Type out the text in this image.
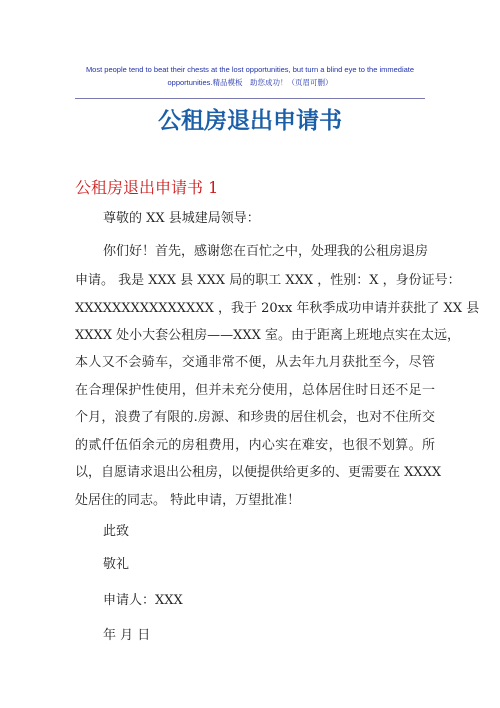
Most people tend to beat their chests at the lost opportunities, but turn a blind eye to the immediate
opportunities.精品模板　助您成功！（页眉可删）
公租房退出申请书
公租房退出申请书 1
尊敬的 XX 县城建局领导：
你们好！首先，感谢您在百忙之中，处理我的公租房退房
申请。 我是 XXX 县 XXX 局的职工 XXX ，性别：X ，身份证号：
XXXXXXXXXXXXXXX ，我于 20xx 年秋季成功申请并获批了 XX 县
XXXX 处小大套公租房——XXX 室。由于距离上班地点实在太远，
本人又不会骑车，交通非常不便，从去年九月获批至今，尽管
在合理保护性使用，但并未充分使用，总体居住时日还不足一
个月，浪费了有限的.房源、和珍贵的居住机会，也对不住所交
的贰仟伍佰余元的房租费用，内心实在难安，也很不划算。所
以，自愿请求退出公租房，以便提供给更多的、更需要在 XXXX
处居住的同志。 特此申请，万望批准！
此致
敬礼
申请人：XXX
年 月 日
